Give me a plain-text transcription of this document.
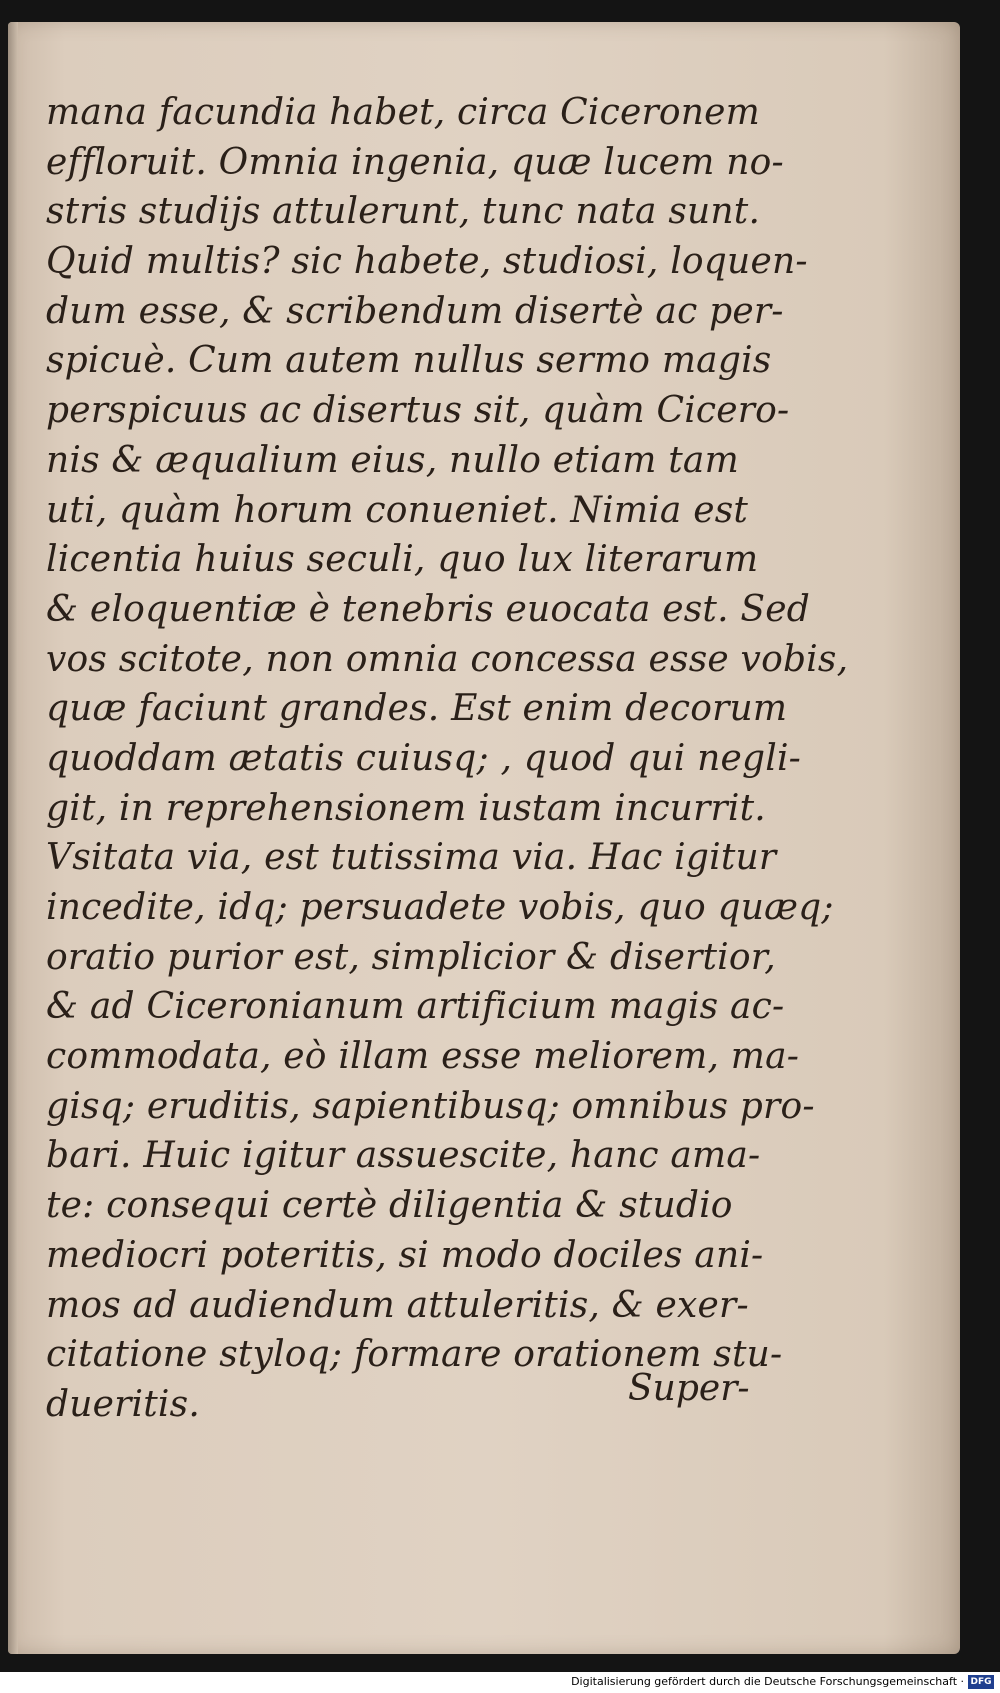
mana facundia habet, circa Ciceronem
effloruit. Omnia ingenia, quæ lucem no-
stris studijs attulerunt, tunc nata sunt.
Quid multis? sic habete, studiosi, loquen-
dum esse, & scribendum disertè ac per-
spicuè. Cum autem nullus sermo magis
perspicuus ac disertus sit, quàm Cicero-
nis & æqualium eius, nullo etiam tam
uti, quàm horum conueniet. Nimia est
licentia huius seculi, quo lux literarum
& eloquentiæ è tenebris euocata est. Sed
vos scitote, non omnia concessa esse vobis,
quæ faciunt grandes. Est enim decorum
quoddam ætatis cuiusq; , quod qui negli-
git, in reprehensionem iustam incurrit.
Vsitata via, est tutissima via. Hac igitur
incedite, idq; persuadete vobis, quo quæq;
oratio purior est, simplicior & disertior,
& ad Ciceronianum artificium magis ac-
commodata, eò illam esse meliorem, ma-
gisq; eruditis, sapientibusq; omnibus pro-
bari. Huic igitur assuescite, hanc ama-
te: consequi certè diligentia & studio
mediocri poteritis, si modo dociles ani-
mos ad audiendum attuleritis, & exer-
citatione styloq; formare orationem stu-
dueritis.	Super-
Digitalisierung gefördert durch die Deutsche Forschungsgemeinschaft · DFG
